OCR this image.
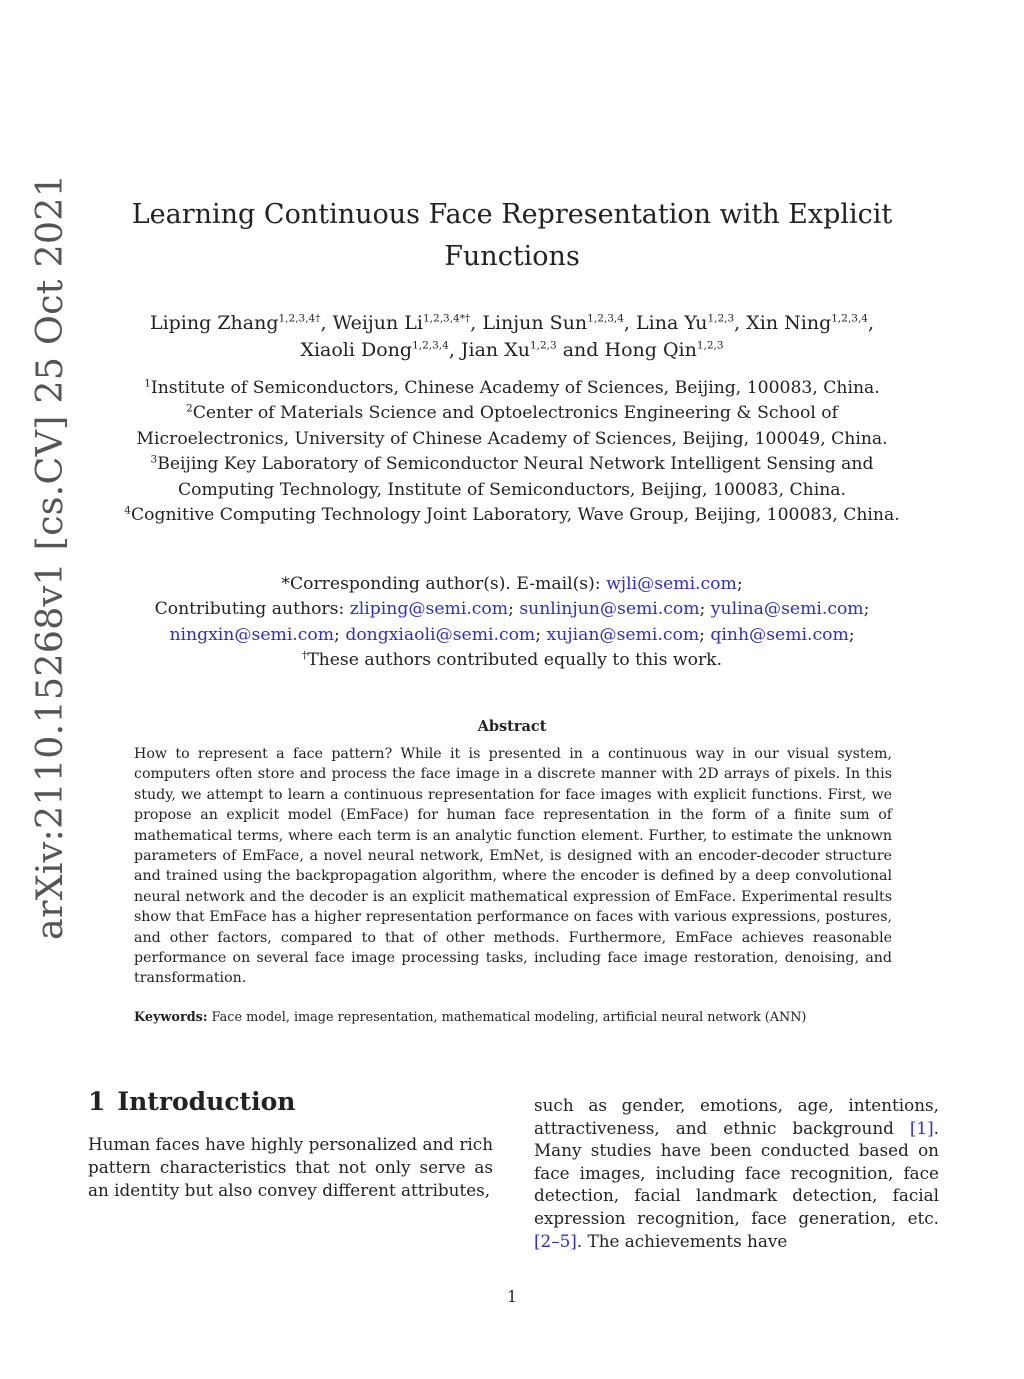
arXiv:2110.15268v1 [cs.CV] 25 Oct 2021	Learning Continuous Face Representation with Explicit
Functions
Liping Zhang$^{1,2,3,4\dagger}$, Weijun $Li^{1,2,3,4*\dagger}$, Linjun Sun$^{1,2,3,4}$, Lina Yu$^{1,2,3}$, Xin Ning$^{1,2,3,4}$, Xiaoli Dong$^{1,2,3,4}$, Jian Xu$^{1,2,3}$ and Hong Qin$^{1,2,3}$
$^1$Institute of Semiconductors, Chinese Academy of Sciences, Beijing, 100083, China.
$^2$Center of Materials Science and Optoelectronics Engineering & School of
Microelectronics, University of Chinese Academy of Sciences, Beijing, 100049, China.
$^3$Beijing Key Laboratory of Semiconductor Neural Network Intelligent Sensing and
Computing Technology, Institute of Semiconductors, Beijing, 100083, China.
$^4$Cognitive Computing Technology Joint Laboratory, Wave Group, Beijing, 100083, China.
*Corresponding author(s). E-mail(s): wjli@semi.com;
Contributing authors: zliping@semi.com; sunlinjun@semi.com; yulina@semi.com;
ningxin@semi.com; dongxiaoli@semi.com; xujian@semi.com; qinh@semi.com;
†These authors contributed equally to this work.
Abstract
How to represent a face pattern? While it is presented in a continuous way in our visual system, computers often store and process the face image in a discrete manner with 2D arrays of pixels. In this study, we attempt to learn a continuous representation for face images with explicit functions. First, we propose an explicit model (EmFace) for human face representation in the form of a finite sum of mathematical terms, where each term is an analytic function element. Further, to estimate the unknown parameters of EmFace, a novel neural network, EmNet, is designed with an encoder-decoder structure and trained using the backpropagation algorithm, where the encoder is defined by a deep convolutional neural network and the decoder is an explicit mathematical expression of EmFace. Experimental results show that EmFace has a higher representation performance on faces with various expressions, postures, and other factors, compared to that of other methods. Furthermore, EmFace achieves reasonable performance on several face image processing tasks, including face image restoration, denoising, and transformation.
Keywords: Face model, image representation, mathematical modeling, artificial neural network (ANN)
1 Introduction
Human faces have highly personalized and rich pattern characteristics that not only serve as an identity but also convey different attributes,
such as gender, emotions, age, intentions, attractiveness, and ethnic background [1]. Many studies have been conducted based on face images, including face recognition, face detection, facial landmark detection, facial expression recognition, face generation, etc. [2–5]. The achievements have
1
